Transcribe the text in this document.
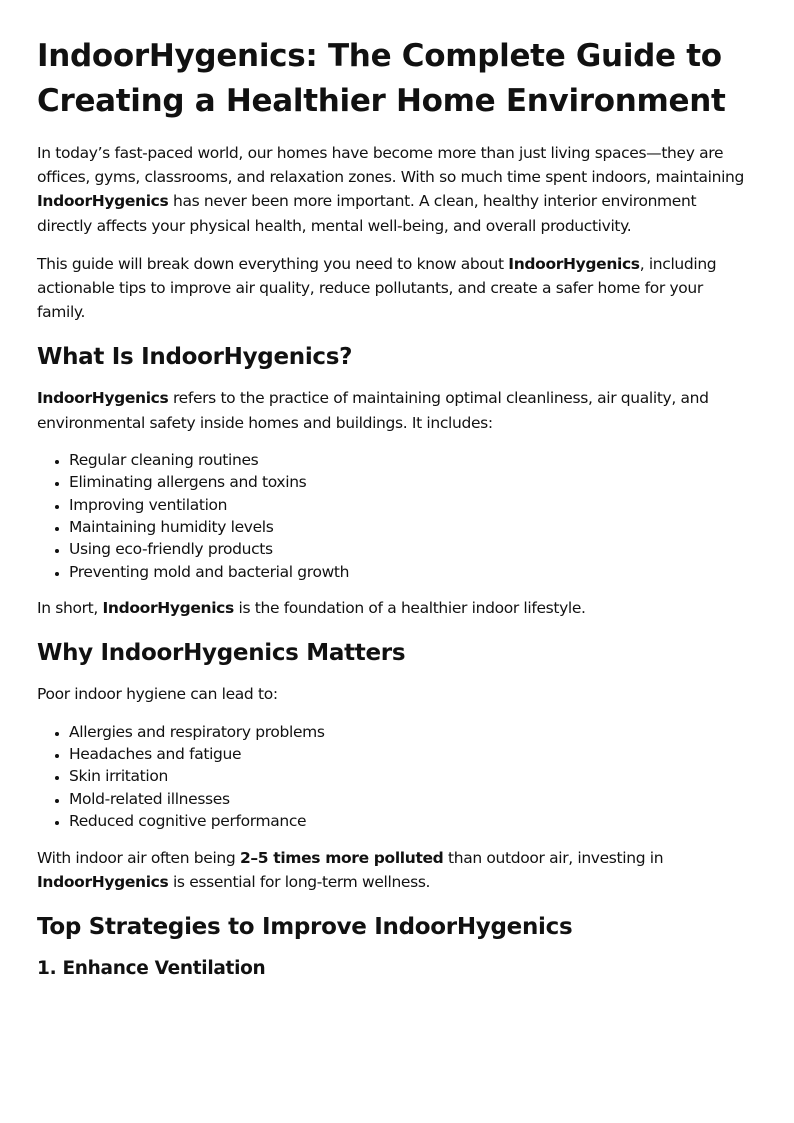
IndoorHygenics: The Complete Guide to Creating a Healthier Home Environment

In today’s fast-paced world, our homes have become more than just living spaces—they are offices, gyms, classrooms, and relaxation zones. With so much time spent indoors, maintaining IndoorHygenics has never been more important. A clean, healthy interior environment directly affects your physical health, mental well-being, and overall productivity.

This guide will break down everything you need to know about IndoorHygenics, including actionable tips to improve air quality, reduce pollutants, and create a safer home for your family.

What Is IndoorHygenics?

IndoorHygenics refers to the practice of maintaining optimal cleanliness, air quality, and environmental safety inside homes and buildings. It includes:

• Regular cleaning routines
• Eliminating allergens and toxins
• Improving ventilation
• Maintaining humidity levels
• Using eco-friendly products
• Preventing mold and bacterial growth

In short, IndoorHygenics is the foundation of a healthier indoor lifestyle.

Why IndoorHygenics Matters

Poor indoor hygiene can lead to:

• Allergies and respiratory problems
• Headaches and fatigue
• Skin irritation
• Mold-related illnesses
• Reduced cognitive performance

With indoor air often being 2–5 times more polluted than outdoor air, investing in IndoorHygenics is essential for long-term wellness.

Top Strategies to Improve IndoorHygenics
1. Enhance Ventilation
